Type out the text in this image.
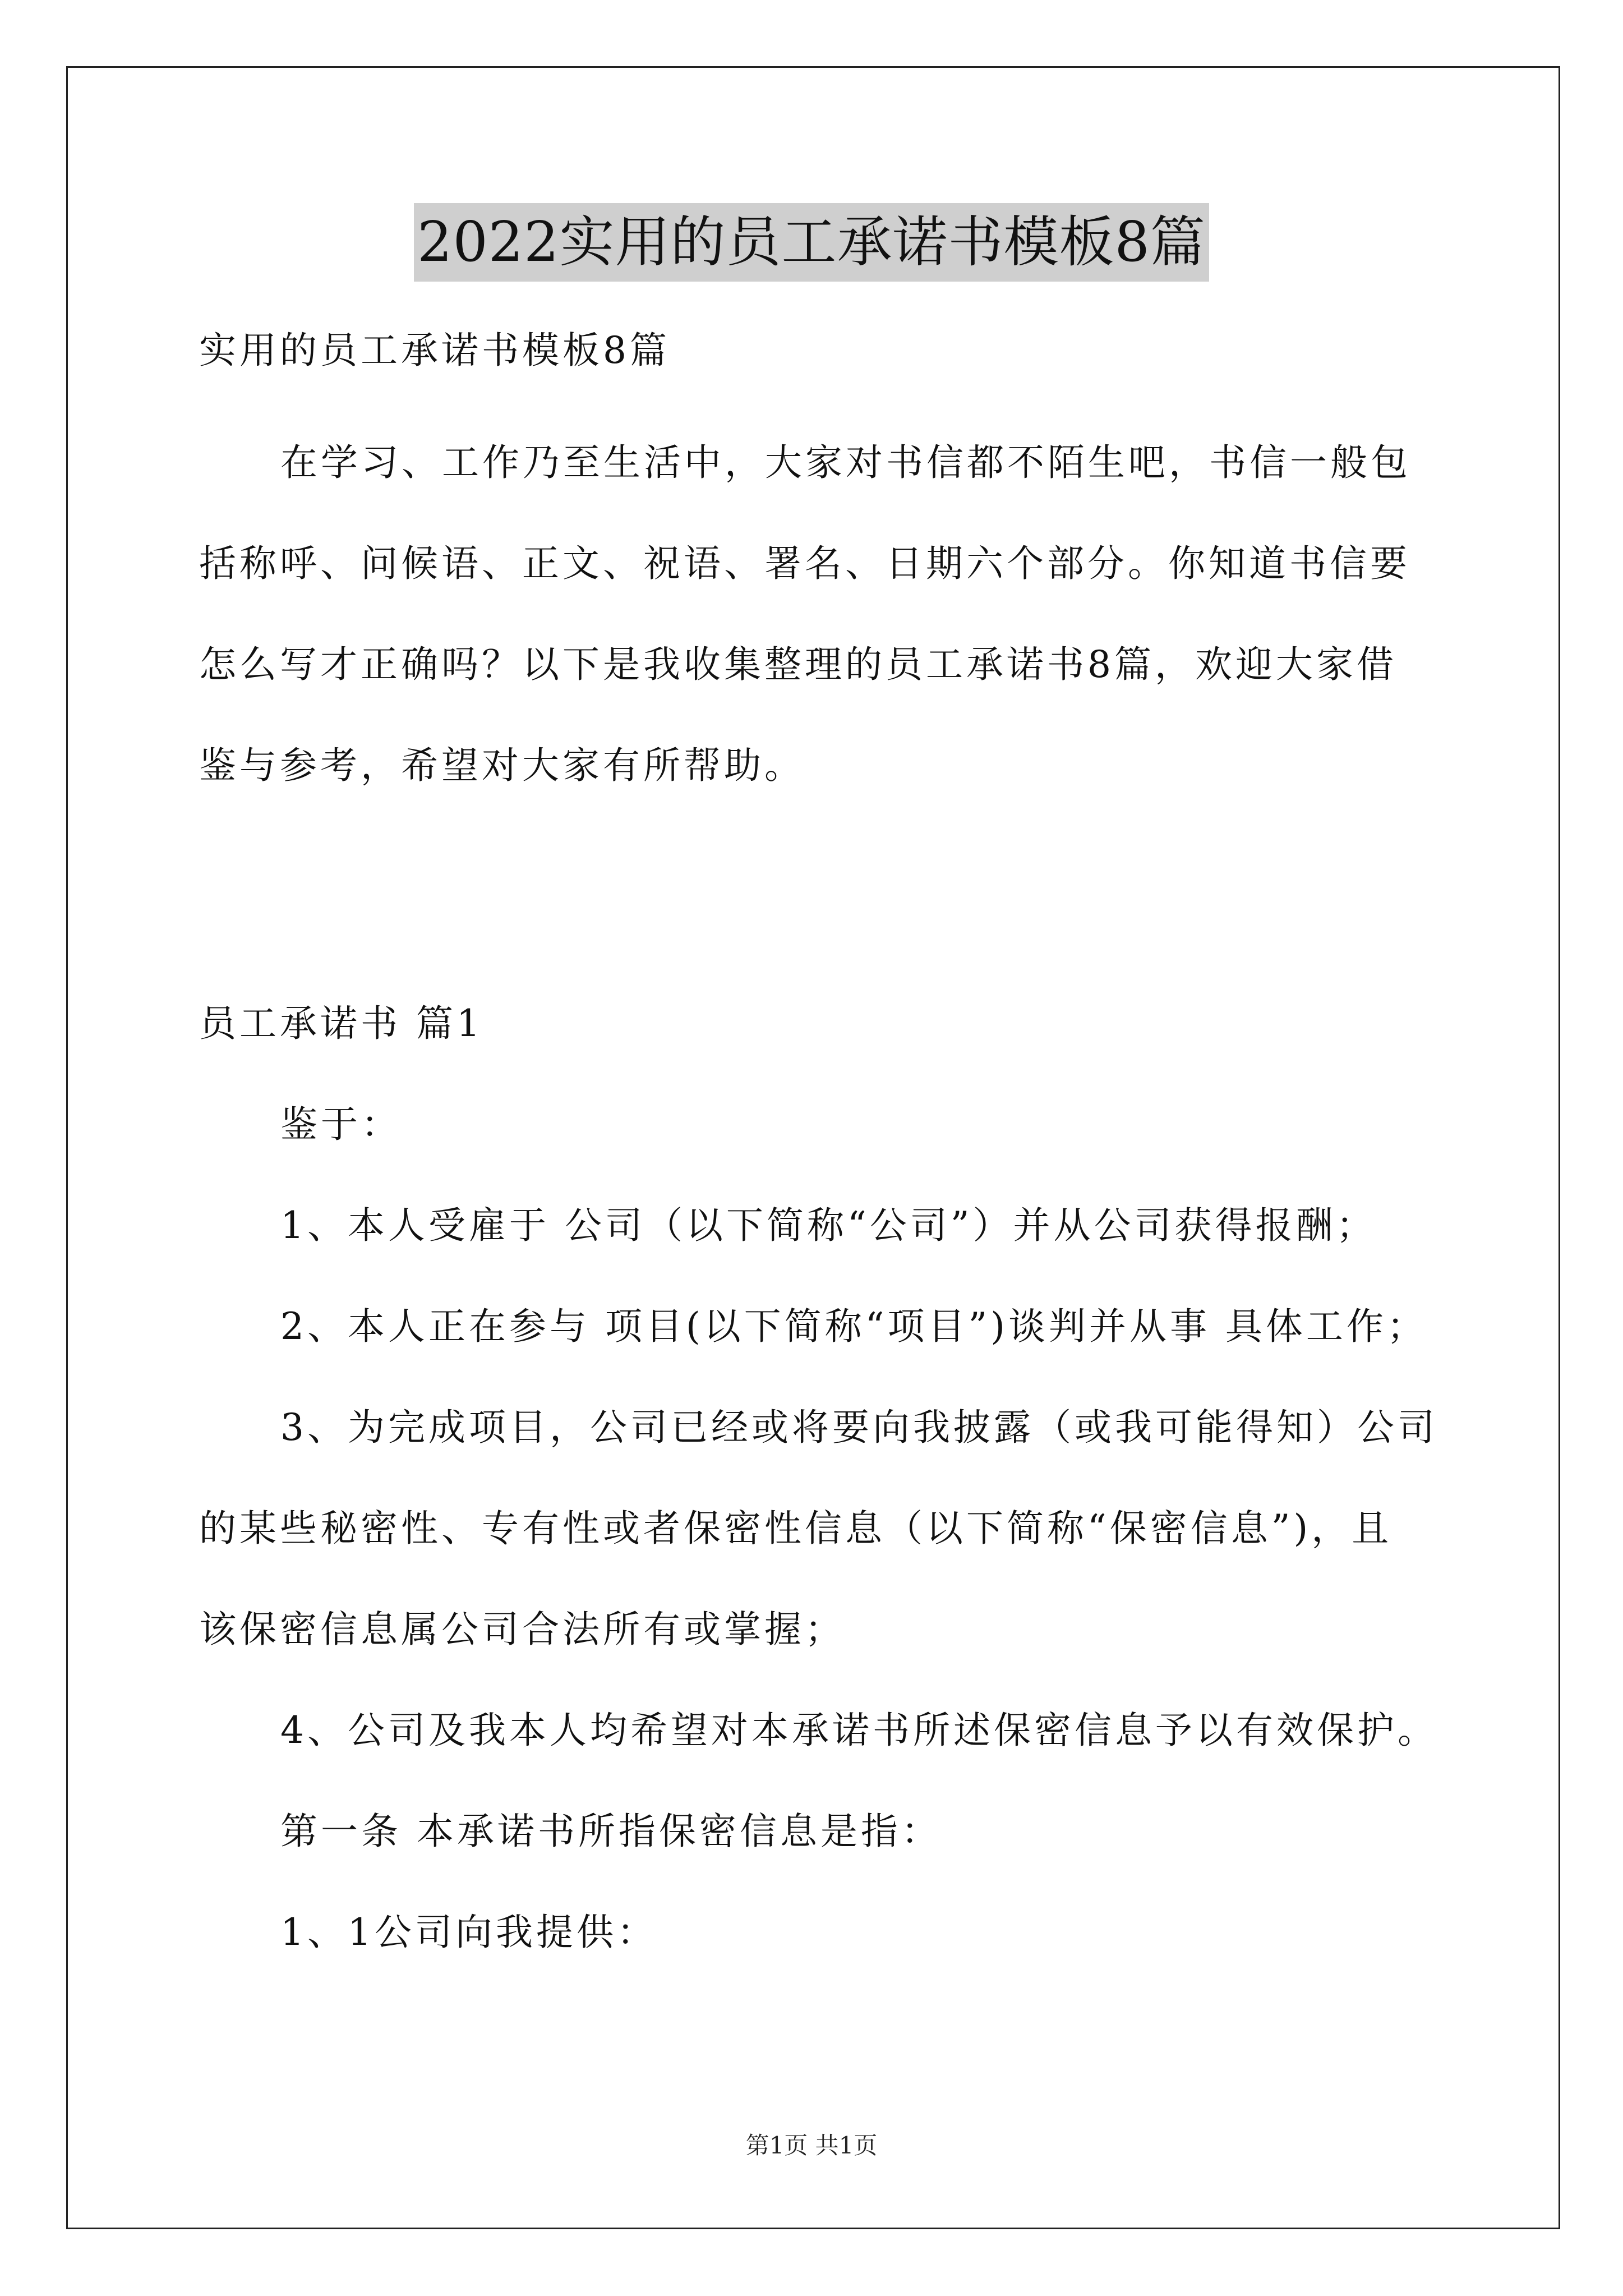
2022实用的员工承诺书模板8篇
实用的员工承诺书模板8篇
在学习、工作乃至生活中，大家对书信都不陌生吧，书信一般包
括称呼、问候语、正文、祝语、署名、日期六个部分。你知道书信要
怎么写才正确吗？以下是我收集整理的员工承诺书8篇，欢迎大家借
鉴与参考，希望对大家有所帮助。
员工承诺书 篇1
鉴于：
1、本人受雇于 公司（以下简称“公司”）并从公司获得报酬；
2、本人正在参与 项目(以下简称“项目”)谈判并从事 具体工作；
3、为完成项目，公司已经或将要向我披露（或我可能得知）公司
的某些秘密性、专有性或者保密性信息（以下简称“保密信息”)，且
该保密信息属公司合法所有或掌握；
4、公司及我本人均希望对本承诺书所述保密信息予以有效保护。
第一条 本承诺书所指保密信息是指：
1、1公司向我提供：
第1页 共1页
